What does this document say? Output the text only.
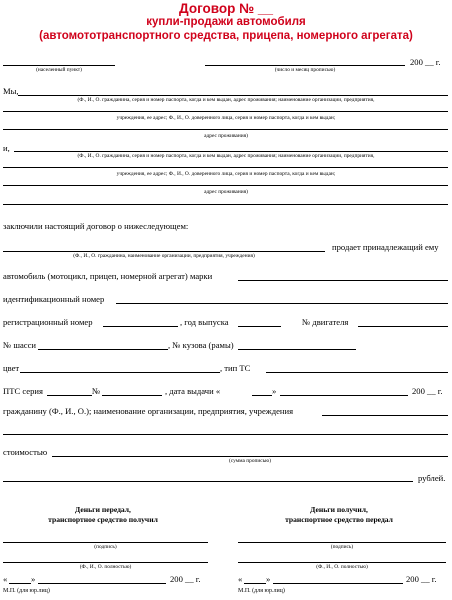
Договор № __
купли-продажи автомобиля
(автомототранспортного средства, прицепа, номерного агрегата)
(населенный пункт)	(число и месяц прописью)
200 __ г.
Мы,
(Ф., И., О. гражданина, серия и номер паспорта, когда и кем выдан, адрес проживания; наименование организации, предприятия,
учреждения, ее адрес; Ф., И., О. доверенного лица, серия и номер паспорта, когда и кем выдан;
адрес проживания)
и,
(Ф., И., О. гражданина, серия и номер паспорта, когда и кем выдан, адрес проживания; наименование организации, предприятия,
учреждения, ее адрес; Ф., И., О. доверенного лица, серия и номер паспорта, когда и кем выдан;
адрес проживания)
заключили настоящий договор о нижеследующем:
продает принадлежащий ему
(Ф., И., О. гражданина, наименование организации, предприятия, учреждения)
автомобиль (мотоцикл, прицеп, номерной агрегат) марки
идентификационный номер
регистрационный номер	, год выпуска	№ двигателя
№ шасси	, № кузова (рамы)
цвет	, тип ТС
ПТС серия	№	, дата выдачи «	»	200 __ г.
гражданину (Ф., И., О.); наименование организации, предприятия, учреждения
стоимостью
(сумма прописью)
рублей.
Деньги передал,
транспортное средство получил
(подпись)
(Ф., И., О. полностью)
«	»	200 __ г.
М.П. (для юр.лиц)
Деньги получил,
транспортное средство передал
(подпись)
(Ф., И., О. полностью)
«	»	200 __ г.
М.П. (для юр.лиц)
